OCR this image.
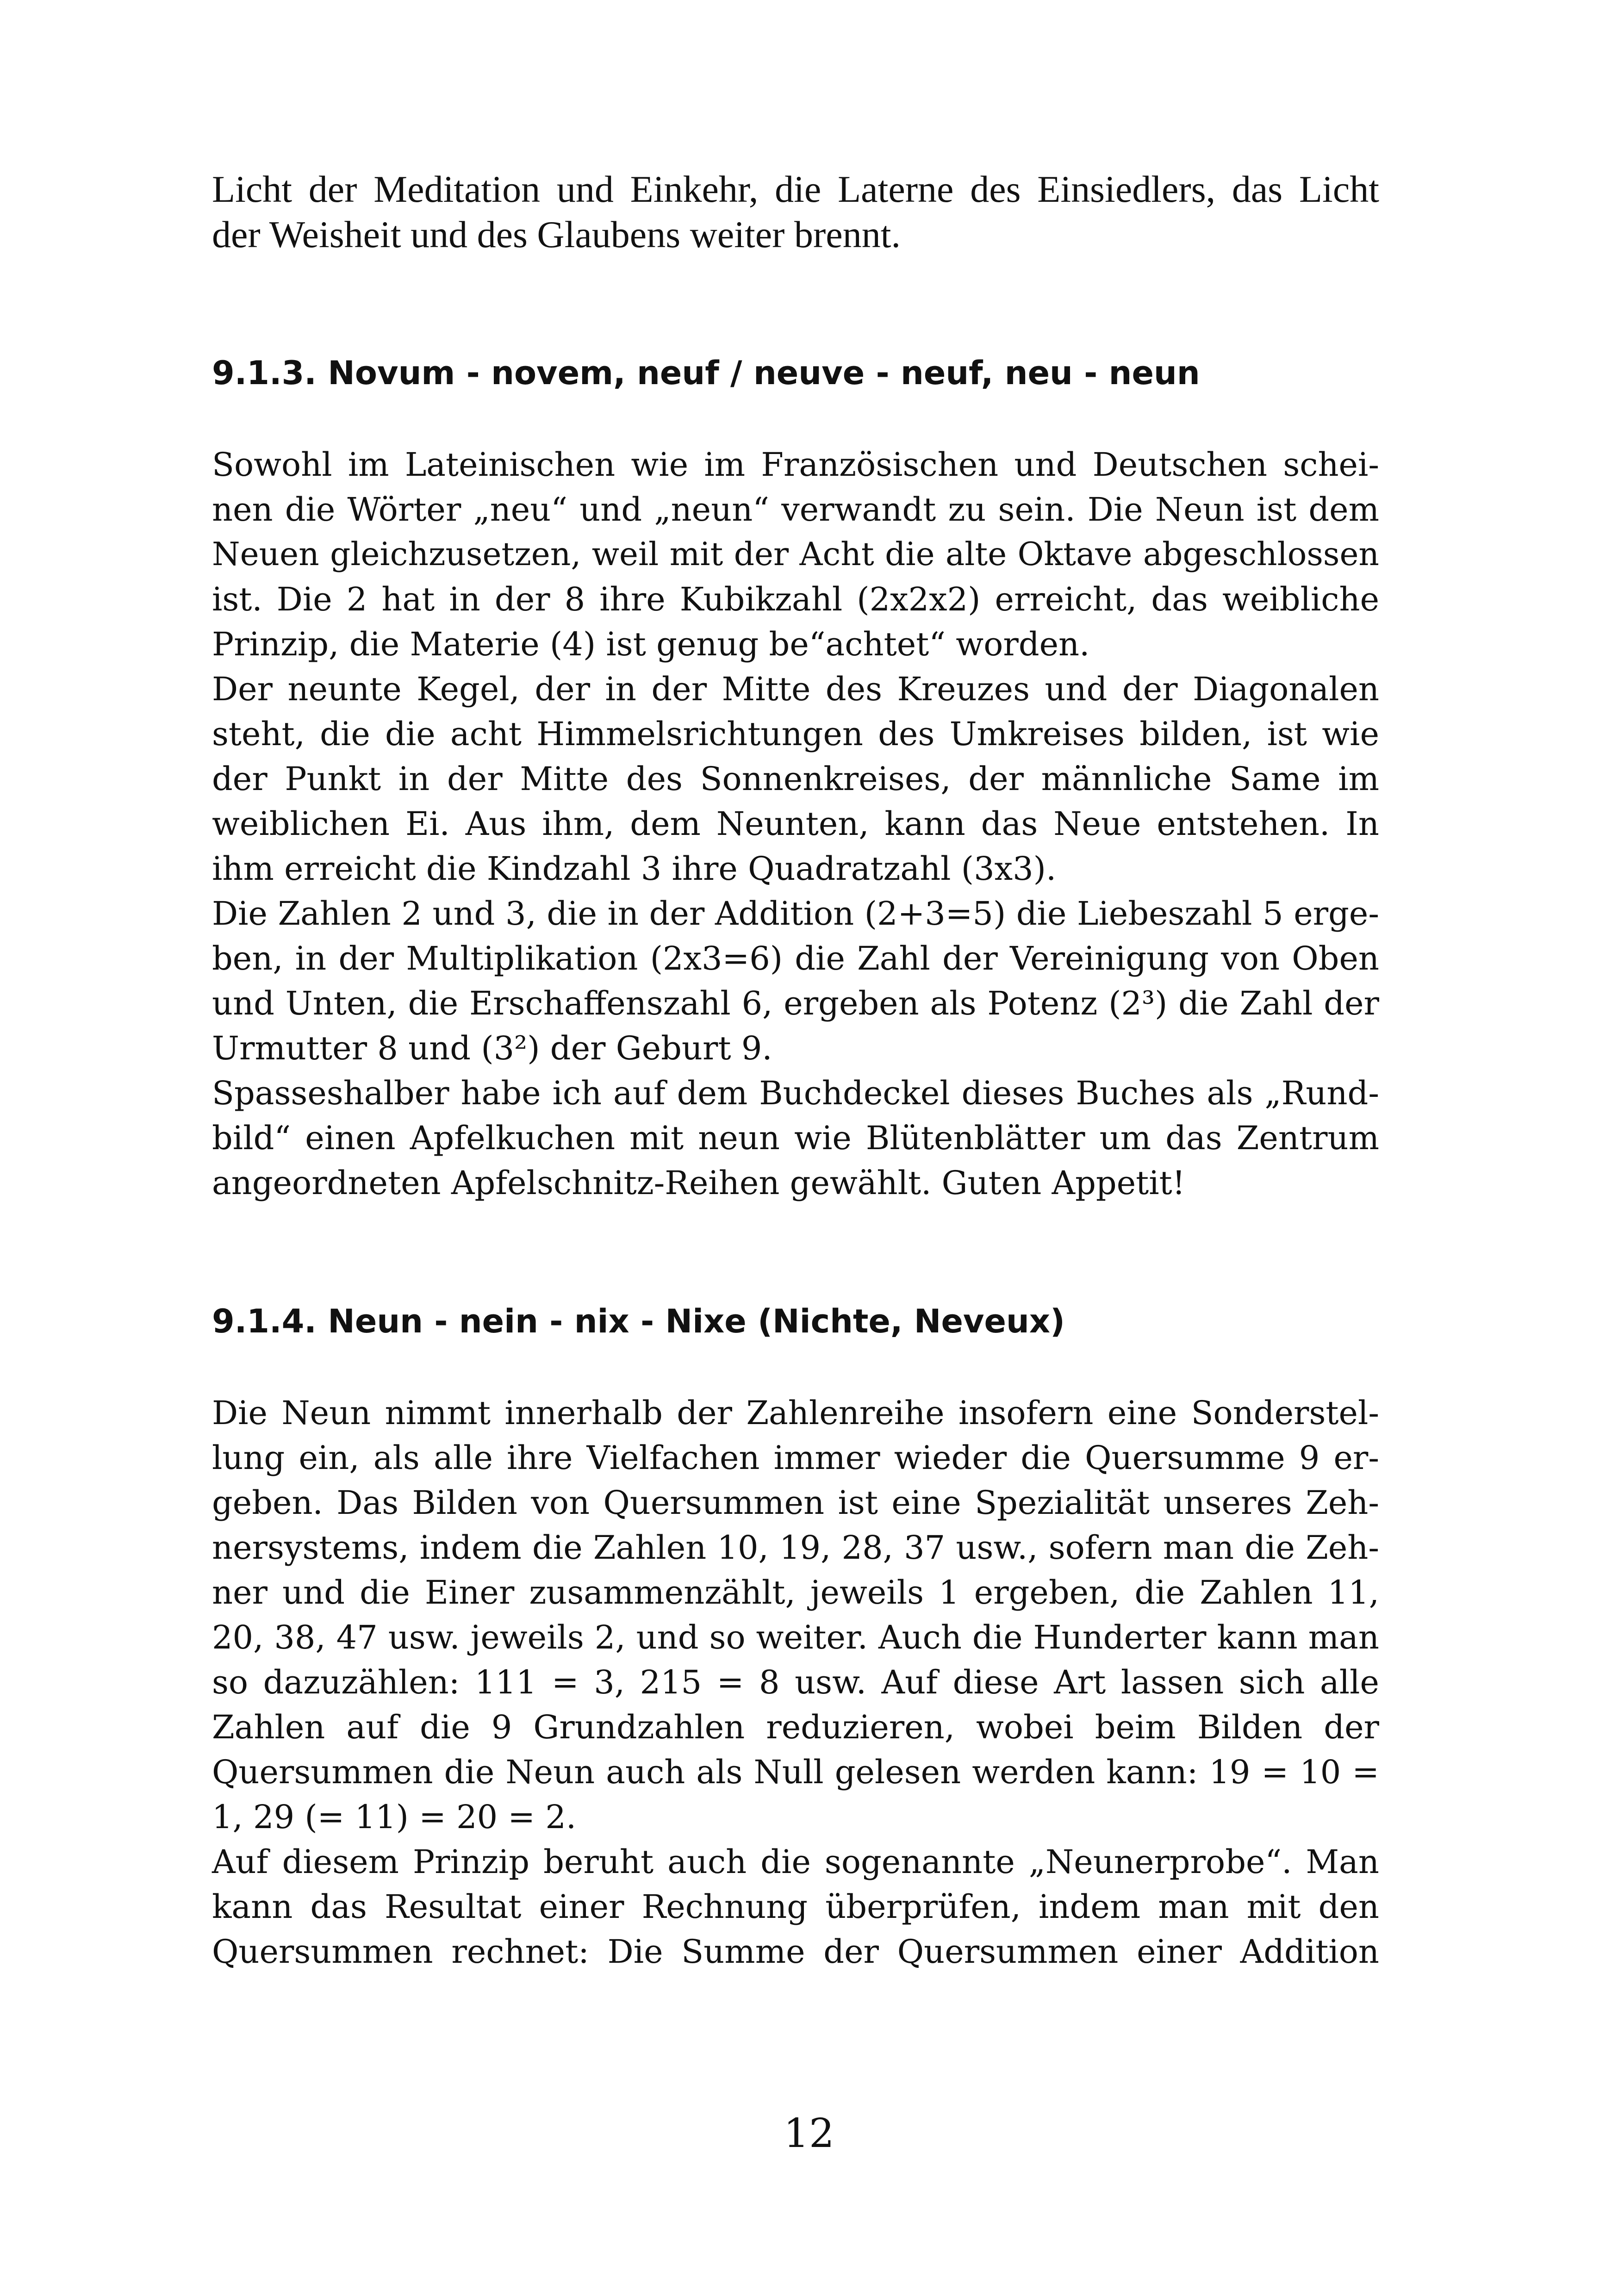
Licht der Meditation und Einkehr, die Laterne des Einsiedlers, das Licht
der Weisheit und des Glaubens weiter brennt.

9.1.3. Novum - novem, neuf / neuve - neuf, neu - neun

Sowohl im Lateinischen wie im Französischen und Deutschen schei-
nen die Wörter „neu“ und „neun“ verwandt zu sein. Die Neun ist dem
Neuen gleichzusetzen, weil mit der Acht die alte Oktave abgeschlossen
ist. Die 2 hat in der 8 ihre Kubikzahl (2x2x2) erreicht, das weibliche
Prinzip, die Materie (4) ist genug be“achtet“ worden.

Der neunte Kegel, der in der Mitte des Kreuzes und der Diagonalen
steht, die die acht Himmelsrichtungen des Umkreises bilden, ist wie
der Punkt in der Mitte des Sonnenkreises, der männliche Same im
weiblichen Ei. Aus ihm, dem Neunten, kann das Neue entstehen. In
ihm erreicht die Kindzahl 3 ihre Quadratzahl (3x3).

Die Zahlen 2 und 3, die in der Addition (2+3=5) die Liebeszahl 5 erge-
ben, in der Multiplikation (2x3=6) die Zahl der Vereinigung von Oben
und Unten, die Erschaffenszahl 6, ergeben als Potenz (2³) die Zahl der
Urmutter 8 und (3²) der Geburt 9.

Spasseshalber habe ich auf dem Buchdeckel dieses Buches als „Rund-
bild“ einen Apfelkuchen mit neun wie Blütenblätter um das Zentrum
angeordneten Apfelschnitz-Reihen gewählt. Guten Appetit!

9.1.4. Neun - nein - nix - Nixe (Nichte, Neveux)

Die Neun nimmt innerhalb der Zahlenreihe insofern eine Sonderstel-
lung ein, als alle ihre Vielfachen immer wieder die Quersumme 9 er-
geben. Das Bilden von Quersummen ist eine Spezialität unseres Zeh-
nersystems, indem die Zahlen 10, 19, 28, 37 usw., sofern man die Zeh-
ner und die Einer zusammenzählt, jeweils 1 ergeben, die Zahlen 11,
20, 38, 47 usw. jeweils 2, und so weiter. Auch die Hunderter kann man
so dazuzählen: 111 = 3, 215 = 8 usw. Auf diese Art lassen sich alle
Zahlen auf die 9 Grundzahlen reduzieren, wobei beim Bilden der
Quersummen die Neun auch als Null gelesen werden kann: 19 = 10 =
1, 29 (= 11) = 20 = 2.

Auf diesem Prinzip beruht auch die sogenannte „Neunerprobe“. Man
kann das Resultat einer Rechnung überprüfen, indem man mit den
Quersummen rechnet: Die Summe der Quersummen einer Addition

12
